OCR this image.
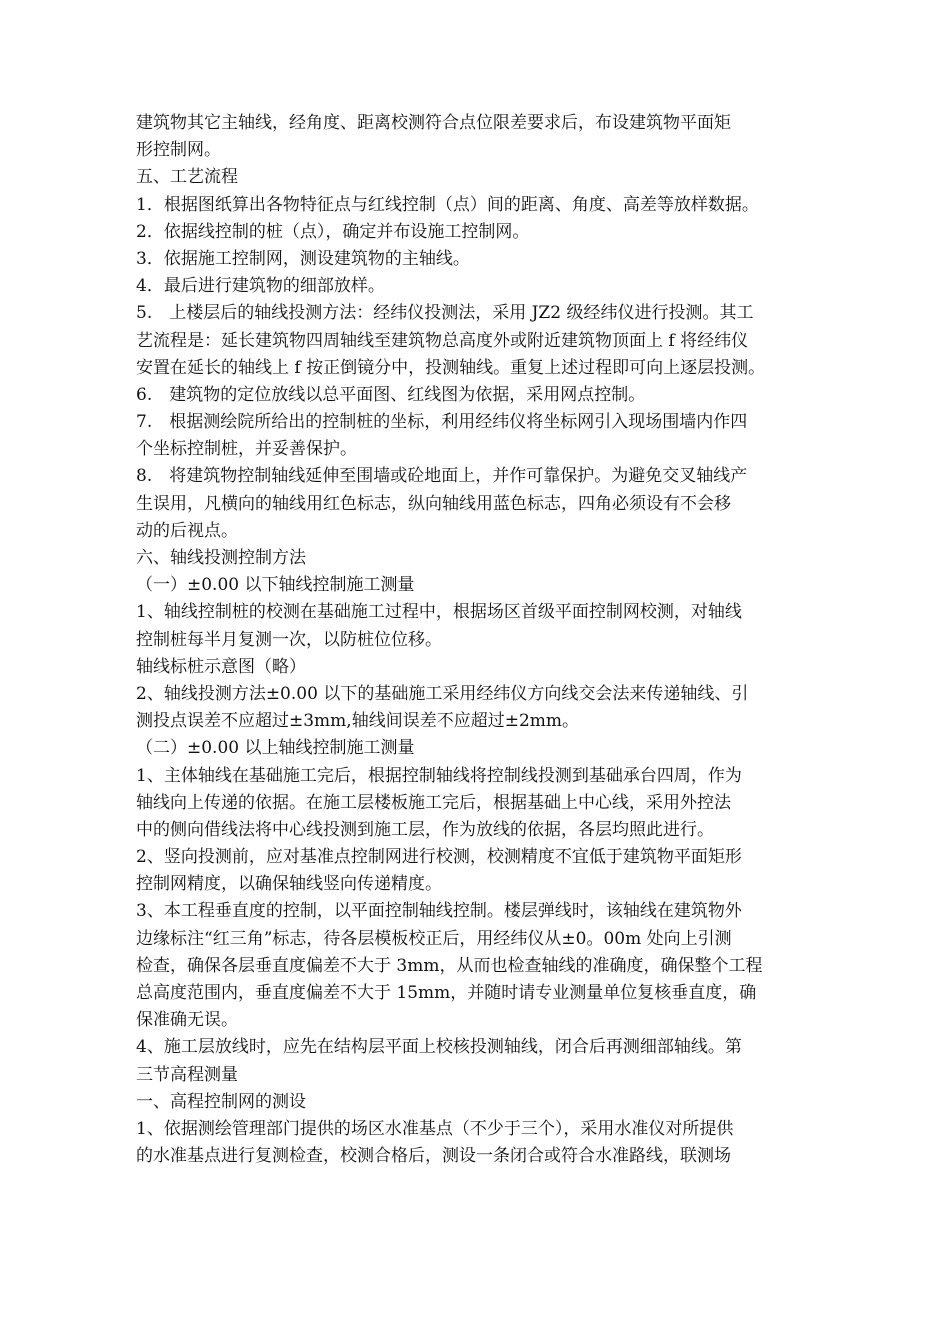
建筑物其它主轴线，经角度、距离校测符合点位限差要求后，布设建筑物平面矩
形控制网。
五、工艺流程
1．根据图纸算出各物特征点与红线控制（点）间的距离、角度、高差等放样数据。
2．依据线控制的桩（点），确定并布设施工控制网。
3．依据施工控制网，测设建筑物的主轴线。
4．最后进行建筑物的细部放样。
5.　上楼层后的轴线投测方法：经纬仪投测法，采用 JZ2 级经纬仪进行投测。其工
艺流程是：延长建筑物四周轴线至建筑物总高度外或附近建筑物顶面上 f 将经纬仪
安置在延长的轴线上 f 按正倒镜分中，投测轴线。重复上述过程即可向上逐层投测。
6.　建筑物的定位放线以总平面图、红线图为依据，采用网点控制。
7.　根据测绘院所给出的控制桩的坐标，利用经纬仪将坐标网引入现场围墙内作四
个坐标控制桩，并妥善保护。
8.　将建筑物控制轴线延伸至围墙或砼地面上，并作可靠保护。为避免交叉轴线产
生误用，凡横向的轴线用红色标志，纵向轴线用蓝色标志，四角必须设有不会移
动的后视点。
六、轴线投测控制方法
（一）±0.00 以下轴线控制施工测量
1、轴线控制桩的校测在基础施工过程中，根据场区首级平面控制网校测，对轴线
控制桩每半月复测一次，以防桩位位移。
轴线标桩示意图（略）
2、轴线投测方法±0.00 以下的基础施工采用经纬仪方向线交会法来传递轴线、引
测投点误差不应超过±3mm,轴线间误差不应超过±2mm。
（二）±0.00 以上轴线控制施工测量
1、主体轴线在基础施工完后，根据控制轴线将控制线投测到基础承台四周，作为
轴线向上传递的依据。在施工层楼板施工完后，根据基础上中心线，采用外控法
中的侧向借线法将中心线投测到施工层，作为放线的依据，各层均照此进行。
2、竖向投测前，应对基准点控制网进行校测，校测精度不宜低于建筑物平面矩形
控制网精度，以确保轴线竖向传递精度。
3、本工程垂直度的控制，以平面控制轴线控制。楼层弹线时，该轴线在建筑物外
边缘标注“红三角”标志，待各层模板校正后，用经纬仪从±0。00m 处向上引测
检查，确保各层垂直度偏差不大于 3mm，从而也检查轴线的准确度，确保整个工程
总高度范围内，垂直度偏差不大于 15mm，并随时请专业测量单位复核垂直度，确
保准确无误。
4、施工层放线时，应先在结构层平面上校核投测轴线，闭合后再测细部轴线。第
三节高程测量
一、高程控制网的测设
1、依据测绘管理部门提供的场区水准基点（不少于三个），采用水准仪对所提供
的水准基点进行复测检查，校测合格后，测设一条闭合或符合水准路线，联测场
